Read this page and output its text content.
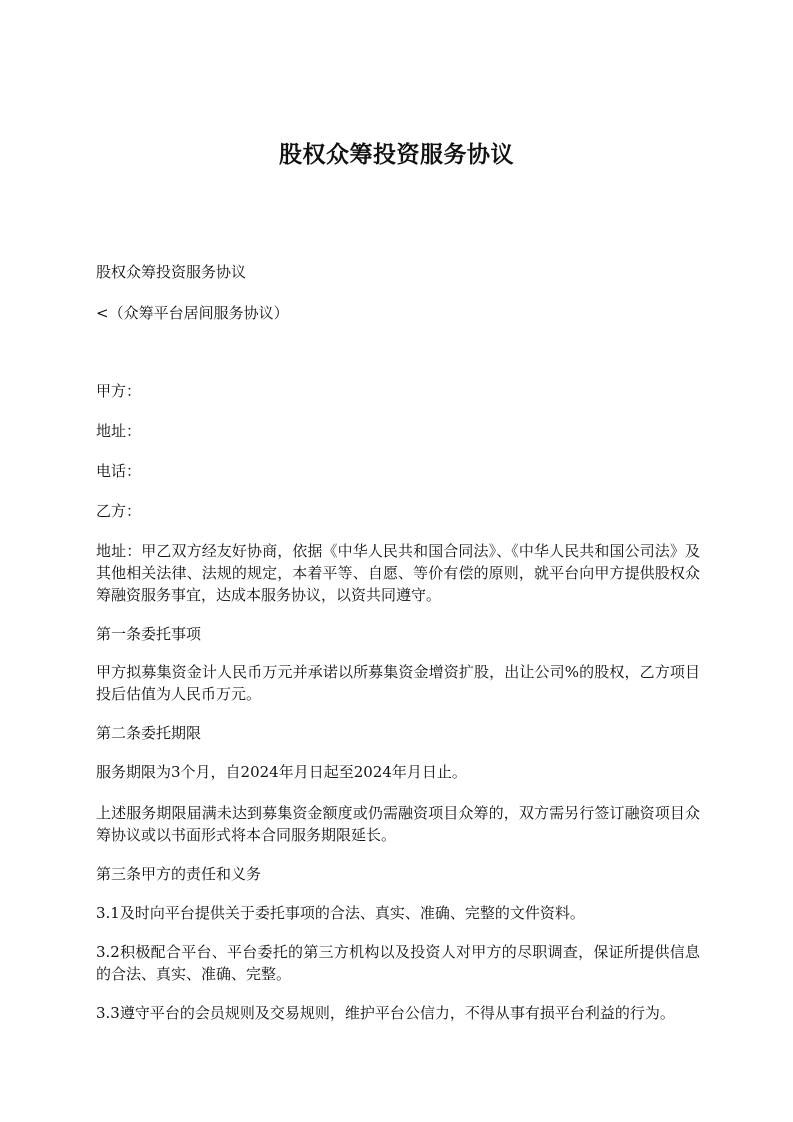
股权众筹投资服务协议
股权众筹投资服务协议
<（众筹平台居间服务协议）
甲方：
地址：
电话：
乙方：
地址：甲乙双方经友好协商，依据《中华人民共和国合同法》、《中华人民共和国公司法》及其他相关法律、法规的规定，本着平等、自愿、等价有偿的原则，就平台向甲方提供股权众筹融资服务事宜，达成本服务协议，以资共同遵守。
第一条委托事项
甲方拟募集资金计人民币万元并承诺以所募集资金增资扩股，出让公司%的股权，乙方项目投后估值为人民币万元。
第二条委托期限
服务期限为3个月，自2024年月日起至2024年月日止。
上述服务期限届满未达到募集资金额度或仍需融资项目众筹的，双方需另行签订融资项目众筹协议或以书面形式将本合同服务期限延长。
第三条甲方的责任和义务
3.1及时向平台提供关于委托事项的合法、真实、准确、完整的文件资料。
3.2积极配合平台、平台委托的第三方机构以及投资人对甲方的尽职调查，保证所提供信息的合法、真实、准确、完整。
3.3遵守平台的会员规则及交易规则，维护平台公信力，不得从事有损平台利益的行为。
